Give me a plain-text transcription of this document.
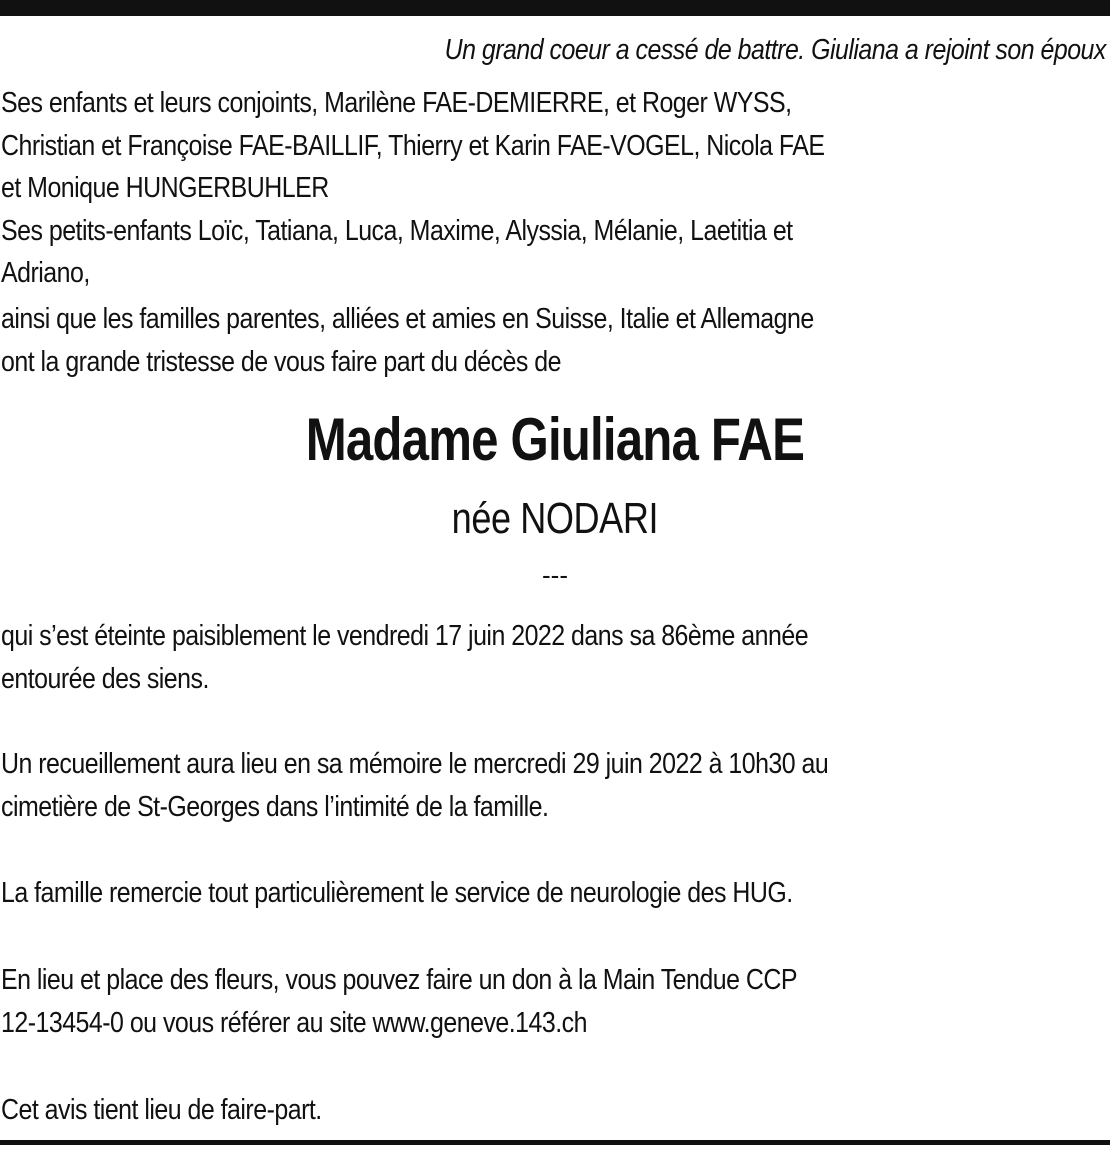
Un grand coeur a cessé de battre. Giuliana a rejoint son époux
Ses enfants et leurs conjoints, Marilène FAE-DEMIERRE, et Roger WYSS,
Christian et Françoise FAE-BAILLIF, Thierry et Karin FAE-VOGEL, Nicola FAE
et Monique HUNGERBUHLER
Ses petits-enfants Loïc, Tatiana, Luca, Maxime, Alyssia, Mélanie, Laetitia et
Adriano,
ainsi que les familles parentes, alliées et amies en Suisse, Italie et Allemagne
ont la grande tristesse de vous faire part du décès de
Madame Giuliana FAE
née NODARI
---
qui s’est éteinte paisiblement le vendredi 17 juin 2022 dans sa 86ème année
entourée des siens.
Un recueillement aura lieu en sa mémoire le mercredi 29 juin 2022 à 10h30 au
cimetière de St-Georges dans l’intimité de la famille.
La famille remercie tout particulièrement le service de neurologie des HUG.
En lieu et place des fleurs, vous pouvez faire un don à la Main Tendue CCP
12-13454-0 ou vous référer au site www.geneve.143.ch
Cet avis tient lieu de faire-part.
